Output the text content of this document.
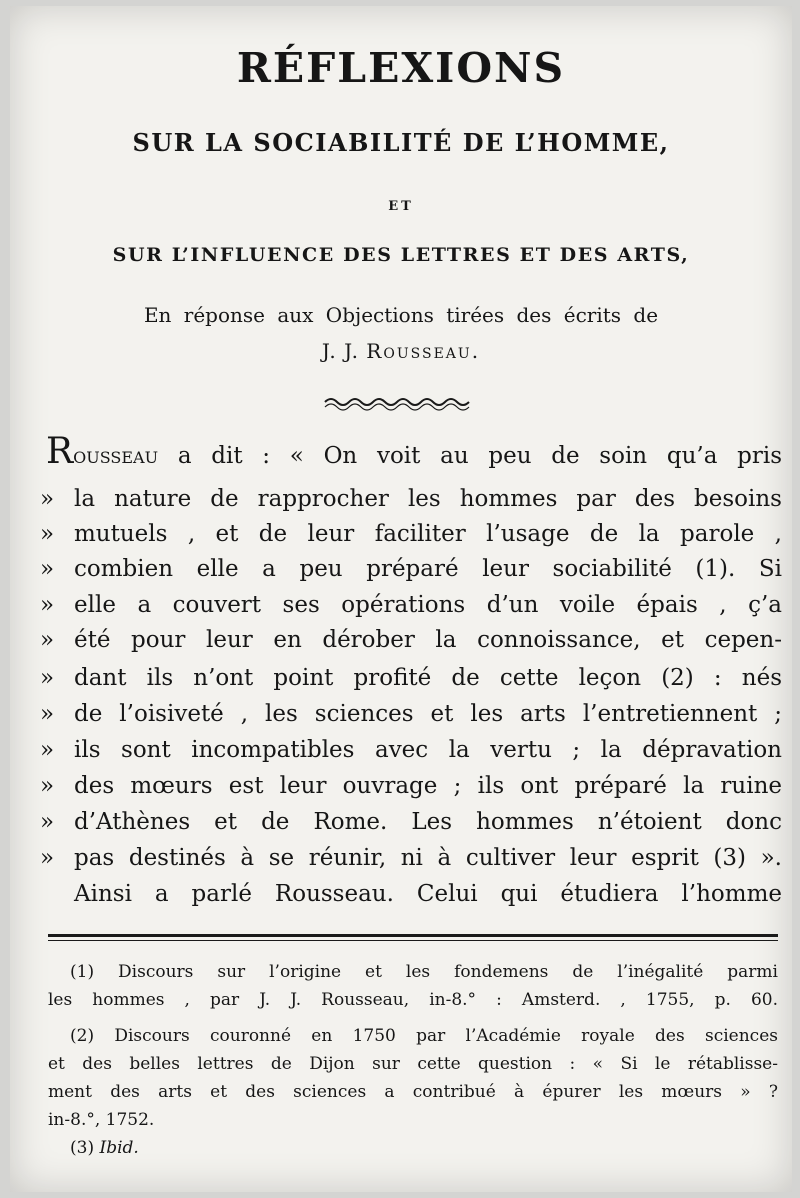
RÉFLEXIONS
SUR LA SOCIABILITÉ DE L’HOMME,
ET
SUR L’INFLUENCE DES LETTRES ET DES ARTS,
En réponse aux Objections tirées des écrits de
J. J. Rousseau.
Rousseau a dit : « On voit au peu de soin qu’a pris
» la nature de rapprocher les hommes par des besoins
» mutuels , et de leur faciliter l’usage de la parole ,
» combien elle a peu préparé leur sociabilité (1). Si
» elle a couvert ses opérations d’un voile épais , ç’a
» été pour leur en dérober la connoissance, et cepen-
» dant ils n’ont point profité de cette leçon (2) : nés
» de l’oisiveté , les sciences et les arts l’entretiennent ;
» ils sont incompatibles avec la vertu ; la dépravation
» des mœurs est leur ouvrage ; ils ont préparé la ruine
» d’Athènes et de Rome. Les hommes n’étoient donc
» pas destinés à se réunir, ni à cultiver leur esprit (3) ».
Ainsi a parlé Rousseau. Celui qui étudiera l’homme
(1) Discours sur l’origine et les fondemens de l’inégalité parmi
les hommes , par J. J. Rousseau, in-8.° : Amsterd. , 1755, p. 60.
(2) Discours couronné en 1750 par l’Académie royale des sciences
et des belles lettres de Dijon sur cette question : « Si le rétablisse-
ment des arts et des sciences a contribué à épurer les mœurs » ?
in-8.°, 1752.
(3) Ibid.
